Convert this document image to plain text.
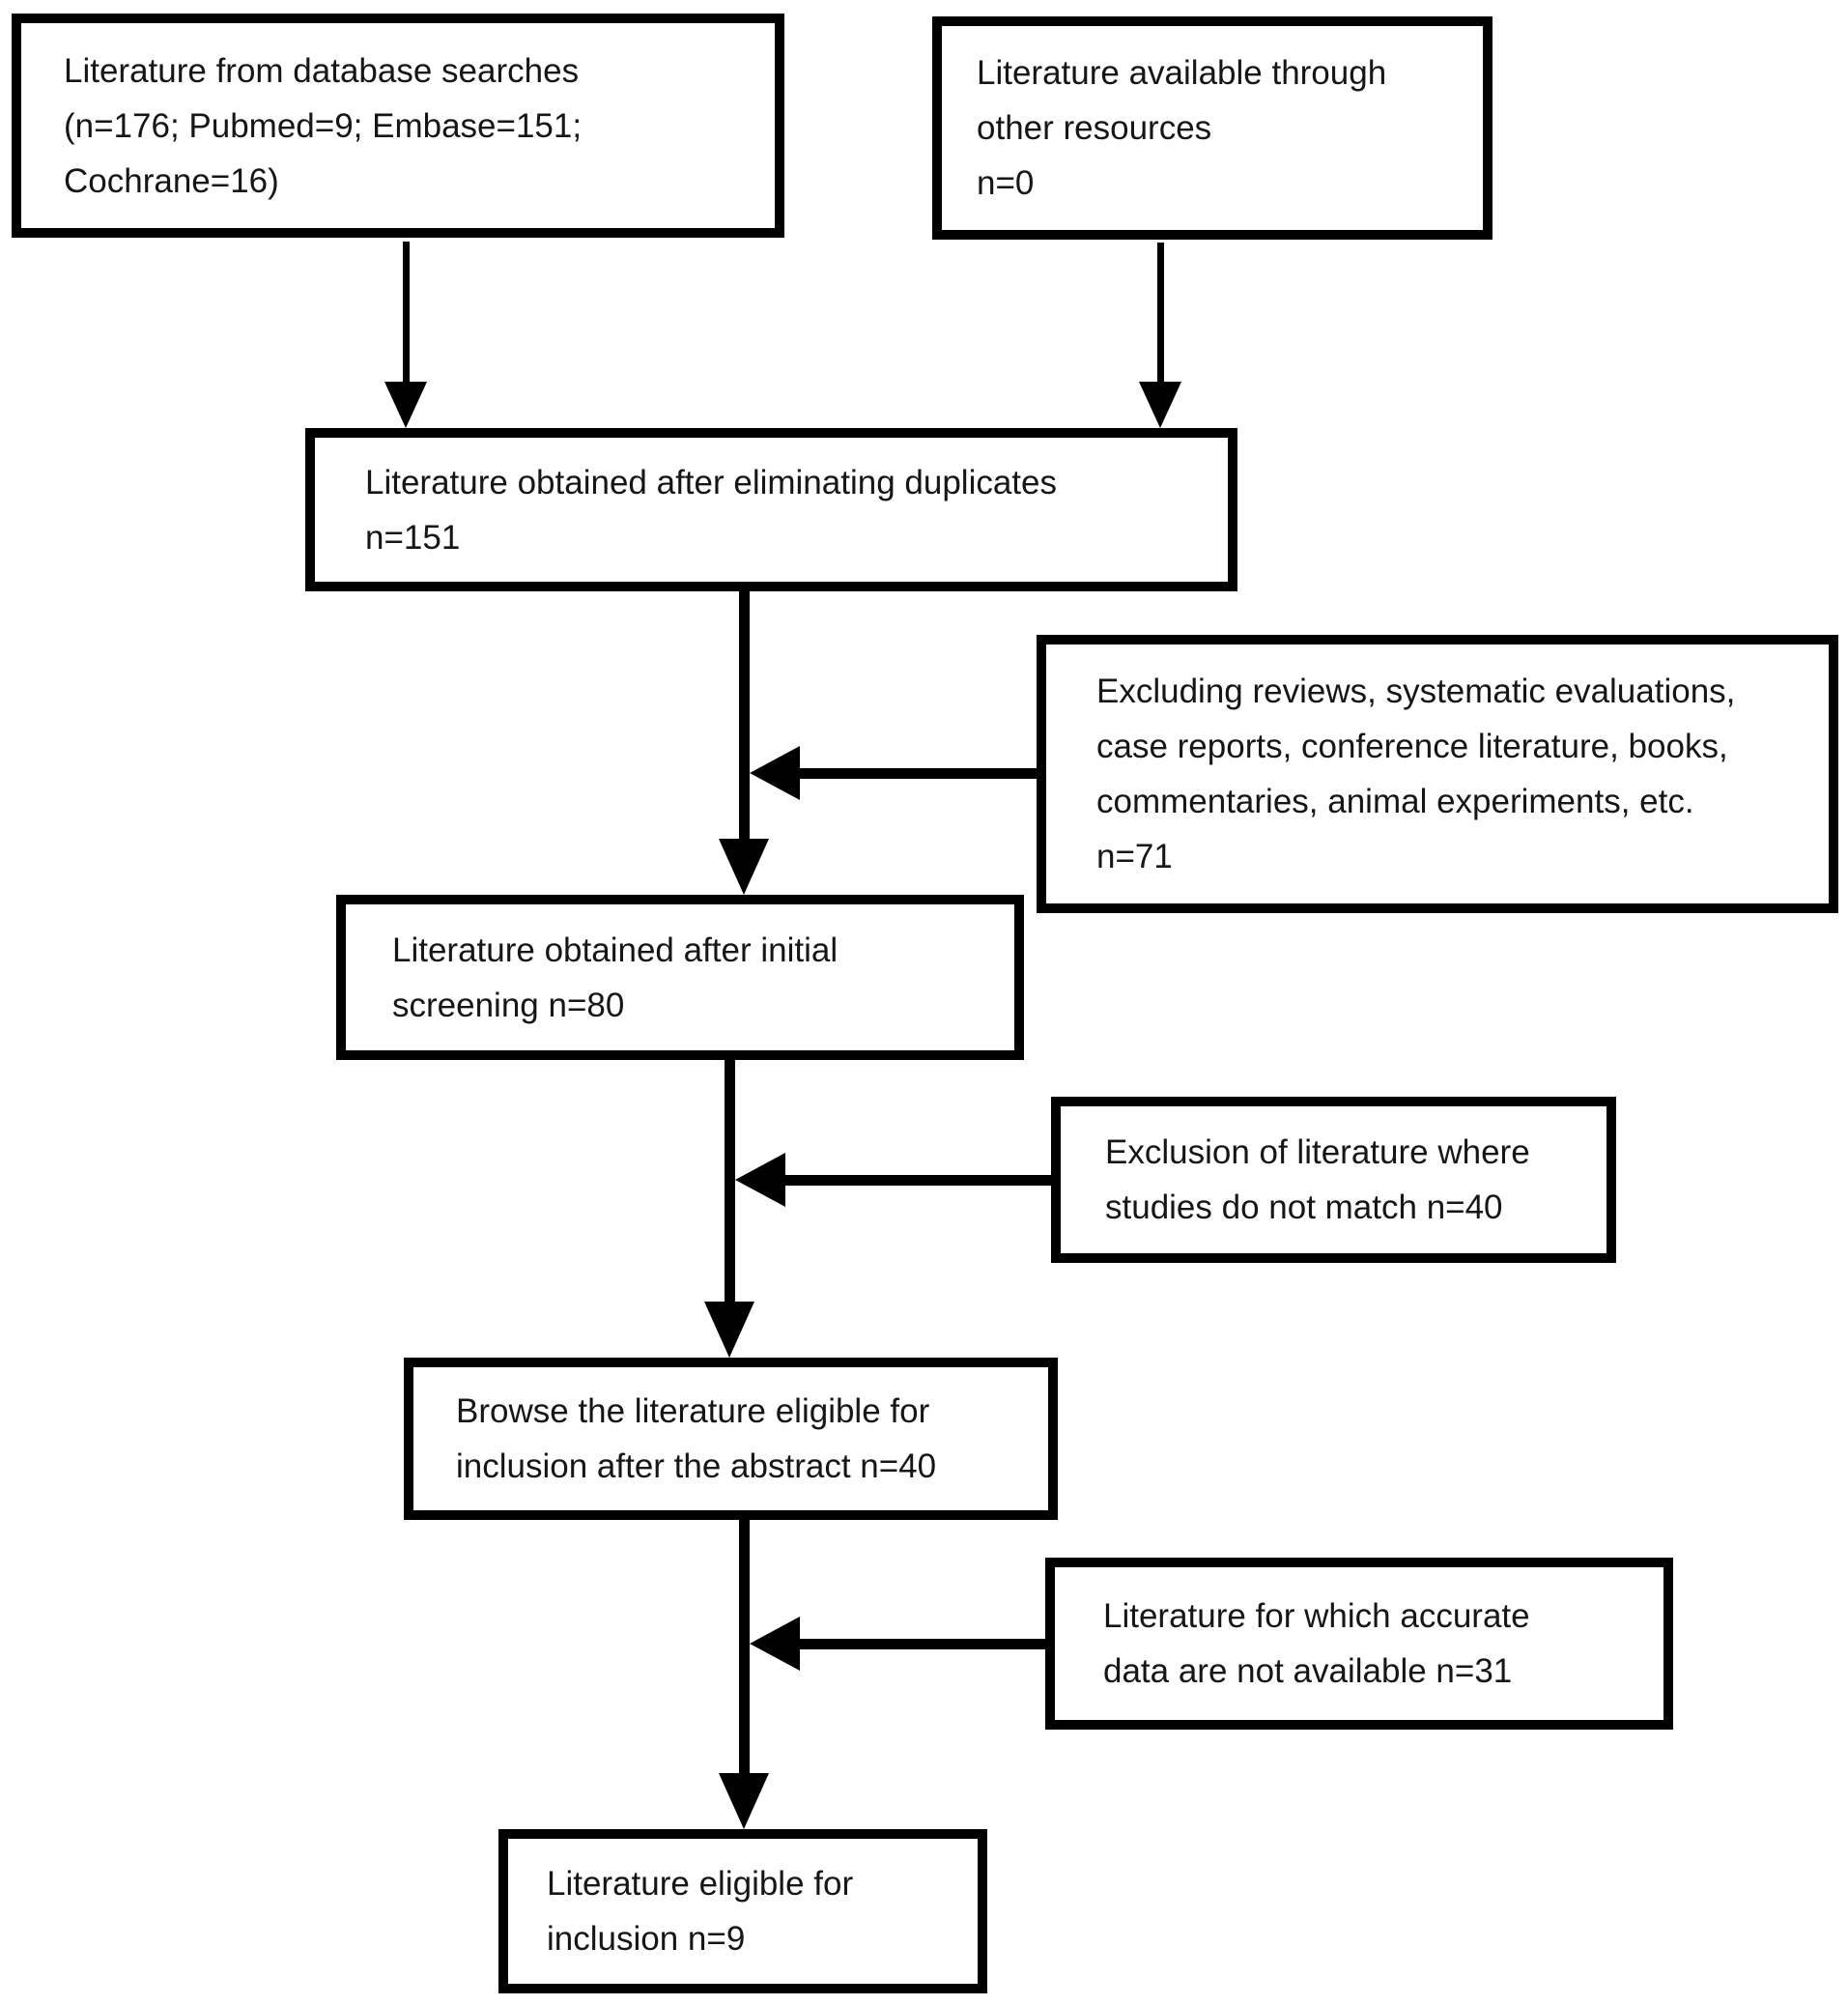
Literature from database searches
(n=176; Pubmed=9; Embase=151;
Cochrane=16)
Literature available through
other resources
n=0
Literature obtained after eliminating duplicates
n=151
Excluding reviews, systematic evaluations,
case reports, conference literature, books,
commentaries, animal experiments, etc.
n=71
Literature obtained after initial
screening n=80
Exclusion of literature where
studies do not match n=40
Browse the literature eligible for
inclusion after the abstract n=40
Literature for which accurate
data are not available n=31
Literature eligible for
inclusion n=9
